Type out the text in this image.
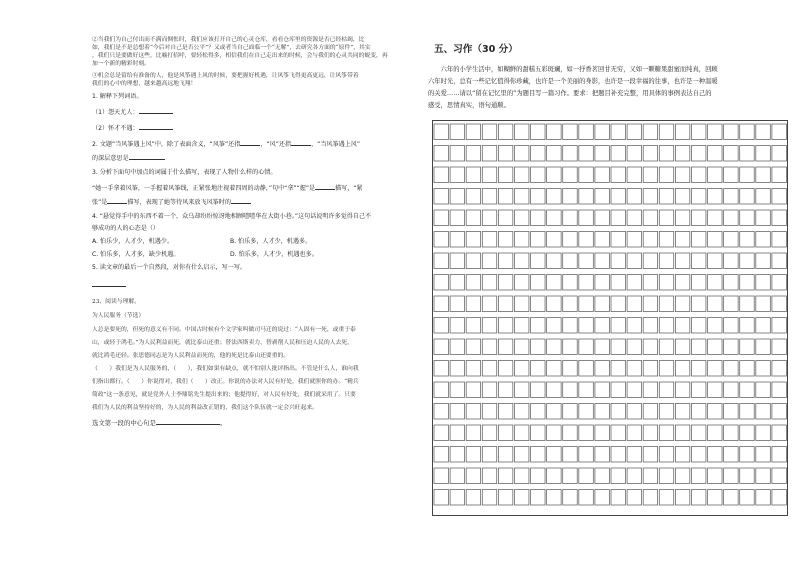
②当我们为自己付出而不满而惆怅时，我们应该打开自己的心灵仓库，看看仓库里的资源是否已经枯竭，比

如，我们是不是总想着“今后对自己是否公平”？又或者当自己面临一个“无解”，去研究各方面的“原件”，其实

，我们只是要做好这些，比喻打招呼，要轻松得多，相信我们在自己走出来的时候，会与我们的心灵共同的蜕变，再

加一个新的精彩时刻。

③机会总是留给有准备的人，他是风筝遇上风的时候，要把握好机遇，让风筝飞得更高更远，让风筝带着

我们的心中的理想，越来越高远地飞翔！

1. 解释下列词语。

（1）怨天尤人：

（2）怀才不遇：

2. 文题“当风筝遇上风”中，除了表面含义，“风筝”还指	，“风”还指	，“当风筝遇上风”

的深层意思是

3. 分析下面句中加点的词属于什么描写，表现了人物什么样的心情。

“她一手拿着风筝，一手握着风筝线，正紧张地注视着四周的动静，”句中“拿”“握”是	描写，“紧

张”是	描写，表现了她等待风来放飞风筝时的

4. “悬觉得手中的东西不着一个，众乌却纷纷惊讶地相顾喳喳华在大街小巷。”这句话说明许多觉得自己不

够成功的人的心态是（）

A. 怕乐少，人才少，机遇少。	B. 怕乐多，人才少，机遇多。
C. 怕乐多，人才多，缺少机遇。	D. 怕乐多，人才少，机遇也多。

5. 读文章的最后一个自然段，对你有什么启示，写一写。

23、阅读与理解。

为人民服务（节选）

人总是要死的，但死的意义有不同。中国古时候有个文学家叫做司马迁的说过：“人固有一死，或重于泰

山，或轻于鸿毛。”为人民利益而死，就比泰山还重；替法西斯卖力，替剥削人民和压迫人民的人去死，

就比鸿毛还轻。张思德同志是为人民利益而死的，他的死是比泰山还要重的。

（　　）我们是为人民服务的，（　　），我们如果有缺点，就不怕别人批评指出。不管是什么人，谁向我

们指出都行。（　　）你说得对，我们（　　）改正。你说的办法对人民有好处，我们就照你的办。“精兵

简政”这一条意见，就是党外人士李鼎铭先生提出来的；他提得好，对人民有好处，我们就采用了。只要

我们为人民的利益坚持好的，为人民的利益改正错的，我们这个队伍就一定会兴旺起来。

选文第一段的中心句是	。

五、习作（30 分）
　　六年的小学生活中，如糊鲜的甜糕五彩斑斓，如一抒香茗回甘无穷，又如一颗糖果甜蜜而纯真，回顾
六年时光，总有一些记忆值得你珍藏，也许是一个美丽的身影，也许是一段幸福的往事，也许是一种温暖
的关爱……请以“留在记忆里的”为题目写一篇习作。要求：把题目补充完整，用具体的事例表达自己的
感受，思情真实，语句通顺。
